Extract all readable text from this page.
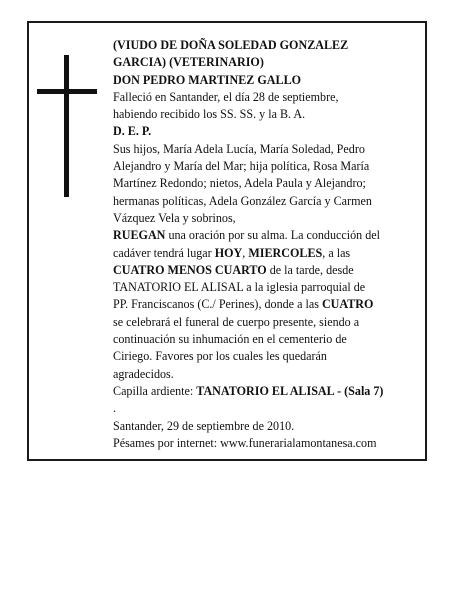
(VIUDO DE DOÑA SOLEDAD GONZALEZ

GARCIA) (VETERINARIO)

DON PEDRO MARTINEZ GALLO

Falleció en Santander, el día 28 de septiembre,

habiendo recibido los SS. SS. y la B. A.

D. E. P.

Sus hijos, María Adela Lucía, María Soledad, Pedro

Alejandro y María del Mar; hija política, Rosa María

Martínez Redondo; nietos, Adela Paula y Alejandro;

hermanas políticas, Adela González García y Carmen

Vázquez Vela y sobrinos,

RUEGAN una oración por su alma. La conducción del

cadáver tendrá lugar HOY, MIERCOLES, a las

CUATRO MENOS CUARTO de la tarde, desde

TANATORIO EL ALISAL a la iglesia parroquial de

PP. Franciscanos (C./ Perines), donde a las CUATRO

se celebrará el funeral de cuerpo presente, siendo a

continuación su inhumación en el cementerio de

Ciriego. Favores por los cuales les quedarán

agradecidos.

Capilla ardiente: TANATORIO EL ALISAL - (Sala 7)

.

Santander, 29 de septiembre de 2010.

Pésames por internet: www.funerarialamontanesa.com
